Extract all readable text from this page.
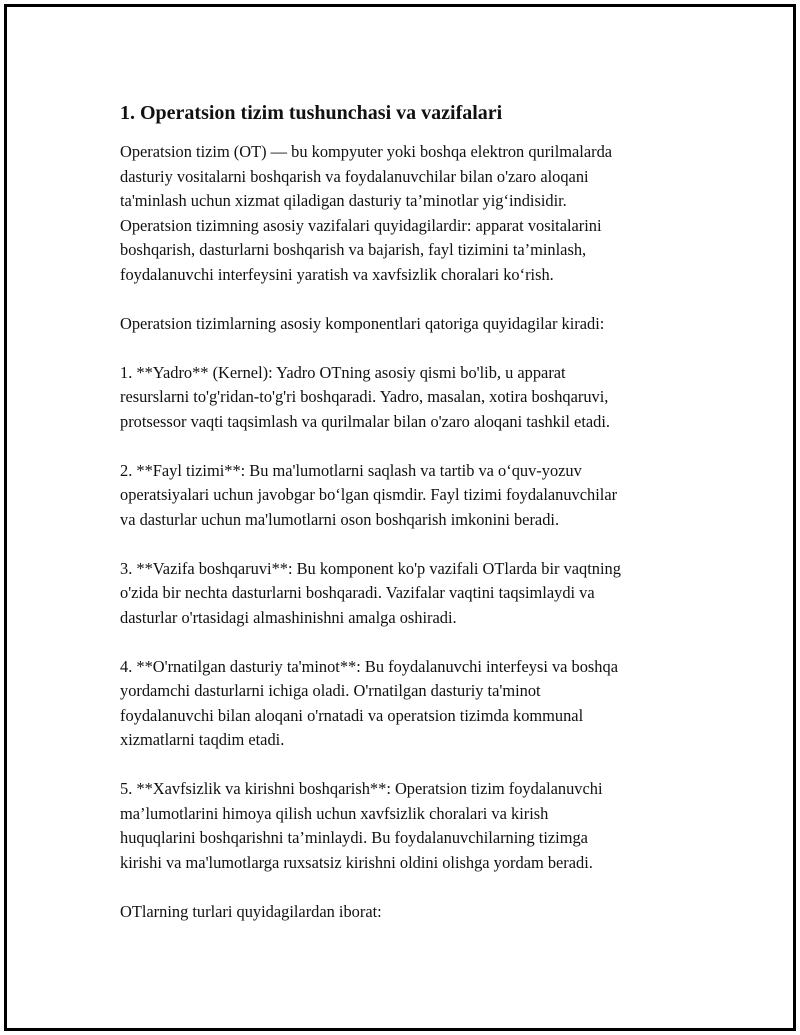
1. Operatsion tizim tushunchasi va vazifalari

Operatsion tizim (OT) — bu kompyuter yoki boshqa elektron qurilmalarda
dasturiy vositalarni boshqarish va foydalanuvchilar bilan o'zaro aloqani
ta'minlash uchun xizmat qiladigan dasturiy ta’minotlar yig‘indisidir.
Operatsion tizimning asosiy vazifalari quyidagilardir: apparat vositalarini
boshqarish, dasturlarni boshqarish va bajarish, fayl tizimini ta’minlash,
foydalanuvchi interfeysini yaratish va xavfsizlik choralari ko‘rish.

Operatsion tizimlarning asosiy komponentlari qatoriga quyidagilar kiradi:

1. **Yadro** (Kernel): Yadro OTning asosiy qismi bo'lib, u apparat
resurslarni to'g'ridan-to'g'ri boshqaradi. Yadro, masalan, xotira boshqaruvi,
protsessor vaqti taqsimlash va qurilmalar bilan o'zaro aloqani tashkil etadi.

2. **Fayl tizimi**: Bu ma'lumotlarni saqlash va tartib va o‘quv-yozuv
operatsiyalari uchun javobgar bo‘lgan qismdir. Fayl tizimi foydalanuvchilar
va dasturlar uchun ma'lumotlarni oson boshqarish imkonini beradi.

3. **Vazifa boshqaruvi**: Bu komponent ko'p vazifali OTlarda bir vaqtning
o'zida bir nechta dasturlarni boshqaradi. Vazifalar vaqtini taqsimlaydi va
dasturlar o'rtasidagi almashinishni amalga oshiradi.

4. **O'rnatilgan dasturiy ta'minot**: Bu foydalanuvchi interfeysi va boshqa
yordamchi dasturlarni ichiga oladi. O'rnatilgan dasturiy ta'minot
foydalanuvchi bilan aloqani o'rnatadi va operatsion tizimda kommunal
xizmatlarni taqdim etadi.

5. **Xavfsizlik va kirishni boshqarish**: Operatsion tizim foydalanuvchi
ma’lumotlarini himoya qilish uchun xavfsizlik choralari va kirish
huquqlarini boshqarishni ta’minlaydi. Bu foydalanuvchilarning tizimga
kirishi va ma'lumotlarga ruxsatsiz kirishni oldini olishga yordam beradi.

OTlarning turlari quyidagilardan iborat:
